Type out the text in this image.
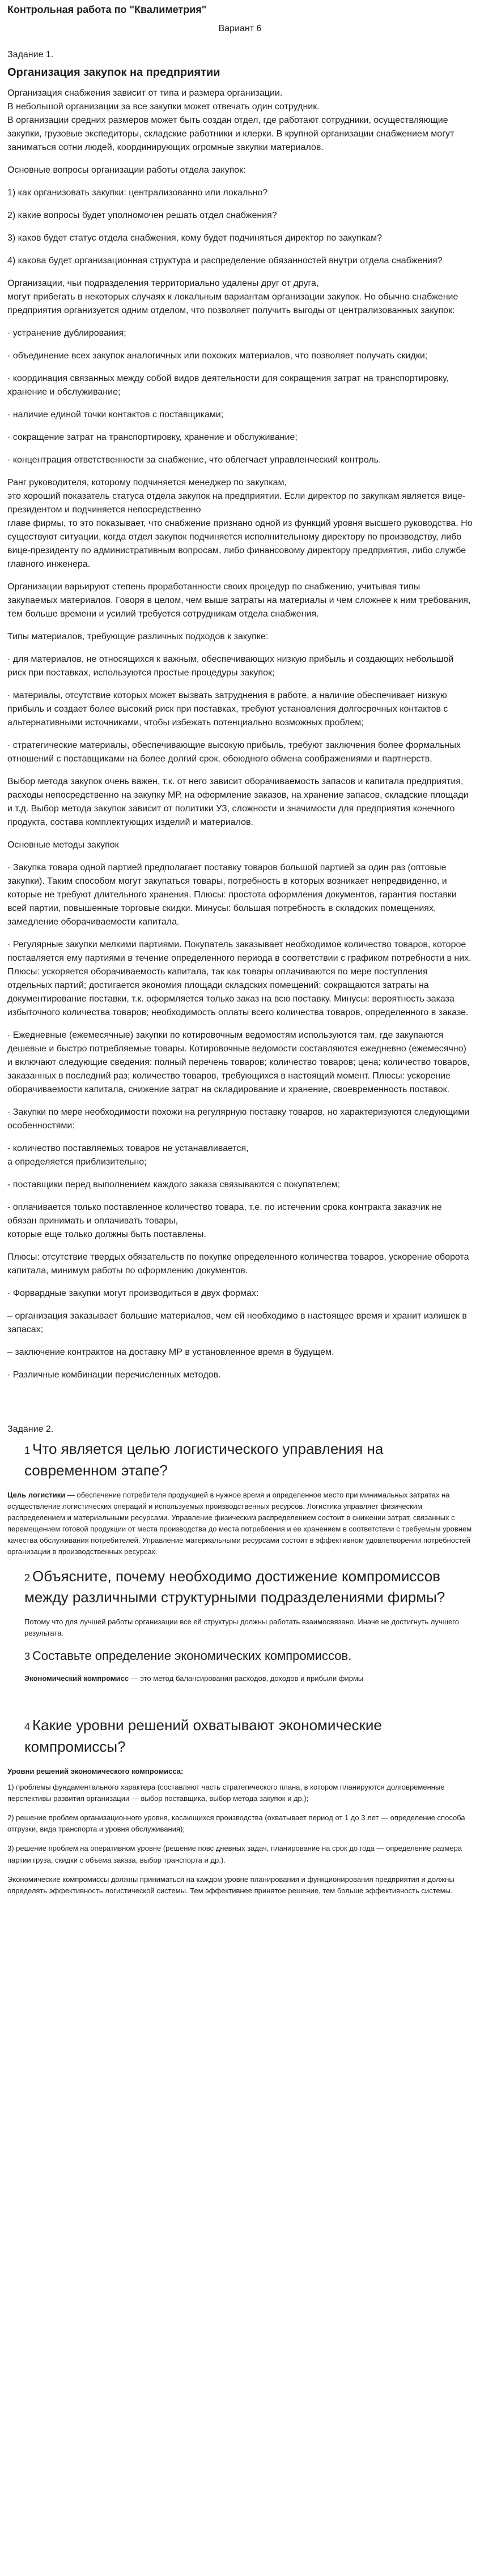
Контрольная работа по "Квалиметрия"
Вариант 6
Задание 1.
Организация закупок на предприятии

Организация снабжения зависит от типа и размера организации.
В небольшой организации за все закупки может отвечать один сотрудник.
В организации средних размеров может быть создан отдел, где работают сотрудники, осуществляющие закупки, грузовые экспедиторы, складские работники и клерки. В крупной организации снабжением могут заниматься сотни людей, координирующих огромные закупки материалов.

Основные вопросы организации работы отдела закупок:

1) как организовать закупки: централизованно или локально?

2) какие вопросы будет уполномочен решать отдел снабжения?

3) каков будет статус отдела снабжения, кому будет подчиняться директор по закупкам?

4) каковa будет организационная структура и распределение обязанностей внутри отдела снабжения?

Организации, чьи подразделения территориально удалены друг от друга,
могут прибегать в некоторых случаях к локальным вариантам организации закупок. Но обычно снабжение предприятия организуется одним отделом, что позволяет получить выгоды от централизованных закупок:

· устранение дублирования;

· объединение всех закупок аналогичных или похожих материалов, что позволяет получать скидки;

· координация связанных между собой видов деятельности для сокращения затрат на транспортировку, хранение и обслуживание;

· наличие единой точки контактов с поставщиками;

· сокращение затрат на транспортировку, хранение и обслуживание;

· концентрация ответственности за снабжение, что облегчает управленческий контроль.

Ранг руководителя, которому подчиняется менеджер по закупкам,
это хороший показатель статуса отдела закупок на предприятии. Если директор по закупкам является вице-президентом и подчиняется непосредственно
главе фирмы, то это показывает, что снабжение признано одной из функций уровня высшего руководства. Но существуют ситуации, когда отдел закупок подчиняется исполнительному директору по производству, либо вице-президенту по административным вопросам, либо финансовому директору предприятия, либо службе главного инженера.

Организации варьируют степень проработанности своих процедур по снабжению, учитывая типы закупаемых материалов. Говоря в целом, чем выше затраты на материалы и чем сложнее к ним требования, тем больше времени и усилий требуется сотрудникам отдела снабжения.

Типы материалов, требующие различных подходов к закупке:

· для материалов, не относящихся к важным, обеспечивающих низкую прибыль и создающих небольшой риск при поставках, используются простые процедуры закупок;

· материалы, отсутствие которых может вызвать затруднения в работе, а наличие обеспечивает низкую прибыль и создает более высокий риск при поставках, требуют установления долгосрочных контактов с альтернативными источниками, чтобы избежать потенциально возможных проблем;

· стратегические материалы, обеспечивающие высокую прибыль, требуют заключения более формальных отношений с поставщиками на более долгий срок, обоюдного обмена соображениями и партнерств.

Выбор метода закупок очень важен, т.к. от него зависит оборачиваемость запасов и капитала предприятия, расходы непосредственно на закупку МР, на оформление заказов, на хранение запасов, складские площади и т.д. Выбор метода закупок зависит от политики УЗ, сложности и значимости для предприятия конечного продукта, состава комплектующих изделий и материалов.

Основные методы закупок

· Закупка товара одной партией предполагает поставку товаров большой партией за один раз (оптовые закупки). Таким способом могут закупаться товары, потребность в которых возникает непредвиденно, и которые не требуют длительного хранения. Плюсы: простота оформления документов, гарантия поставки всей партии, повышенные торговые скидки. Минусы: большая потребность в складских помещениях, замедление оборачиваемости капитала.

· Регулярные закупки мелкими партиями. Покупатель заказывает необходимое количество товаров, которое поставляется ему партиями в течение определенного периода в соответствии с графиком потребности в них. Плюсы: ускоряется оборачиваемость капитала, так как товары оплачиваются по мере поступления отдельных партий; достигается экономия площади складских помещений; сокращаются затраты на документирование поставки, т.к. оформляется только заказ на всю поставку. Минусы: вероятность заказа избыточного количества товаров; необходимость оплаты всего количества товаров, определенного в заказе.

· Ежедневные (ежемесячные) закупки по котировочным ведомостям используются там, где закупаются дешевые и быстро потребляемые товары. Котировочные ведомости составляются ежедневно (ежемесячно) и включают следующие сведения: полный перечень товаров; количество товаров; цена; количество товаров, заказанных в последний раз; количество товаров, требующихся в настоящий момент. Плюсы: ускорение оборачиваемости капитала, снижение затрат на складирование и хранение, своевременность поставок.

· Закупки по мере необходимости похожи на регулярную поставку товаров, но характеризуются следующими особенностями:

- количество поставляемых товаров не устанавливается,
а определяется приблизительно;

- поставщики перед выполнением каждого заказа связываются с покупателем;

- оплачивается только поставленное количество товара, т.е. по истечении срока контракта заказчик не обязан принимать и оплачивать товары,
которые еще только должны быть поставлены.

Плюсы: отсутствие твердых обязательств по покупке определенного количества товаров, ускорение оборота капитала, минимум работы по оформлению документов.

· Форвардные закупки могут производиться в двух формах:

– организация заказывает большие материалов, чем ей необходимо в настоящее время и хранит излишек в запасах;

– заключение контрактов на доставку МР в установленное время в будущем.

· Различные комбинации перечисленных методов.

Задание 2.
1 Что является целью логистического управления на современном этапе?

Цель логистики — обеспечение потребителя продукцией в нужное время и определенное место при минимальных затратах на осуществление логистических операций и используемых производственных ресурсов. Логистика управляет физическим распределением и материальными ресурсами. Управление физическим распределением состоит в снижении затрат, связанных с перемещением готовой продукции от места производства до места потребления и ее хранением в соответствии с требуемым уровнем качества обслуживания потребителей. Управление материальными ресурсами состоит в эффективном удовлетворении потребностей организации в производственных ресурсах.

2 Объясните, почему необходимо достижение компромиссов между различными структурными подразделениями фирмы?

Потому что для лучшей работы организации все её структуры должны работать взаимосвязано. Иначе не достигнуть лучшего результата.

3 Составьте определение экономических компромиссов.

Экономический компромисс — это метод балансирования расходов, доходов и прибыли фирмы

4 Какие уровни решений охватывают экономические компромиссы?

Уровни решений экономического компромисса:

1) проблемы фундаментального характера (составляют часть стратегического плана, в котором планируются долговременные перспективы развития организации — выбор поставщика, выбор метода закупок и др.);

2) решение проблем организационного уровня, касающихся производства (охватывает период от 1 до 3 лет — определение способа отгрузки, вида транспорта и уровня обслуживания);

3) решение проблем на оперативном уровне (решение повс дневных задач, планирование на срок до года — определение размера партии груза, скидки с объема заказа, выбор транспорта и др.).

Экономические компромиссы должны приниматься на каждом уровне планирования и функционирования предприятия и должны определять эффективность логистической системы. Тем эффективнее принятое решение, тем больше эффективность системы.
